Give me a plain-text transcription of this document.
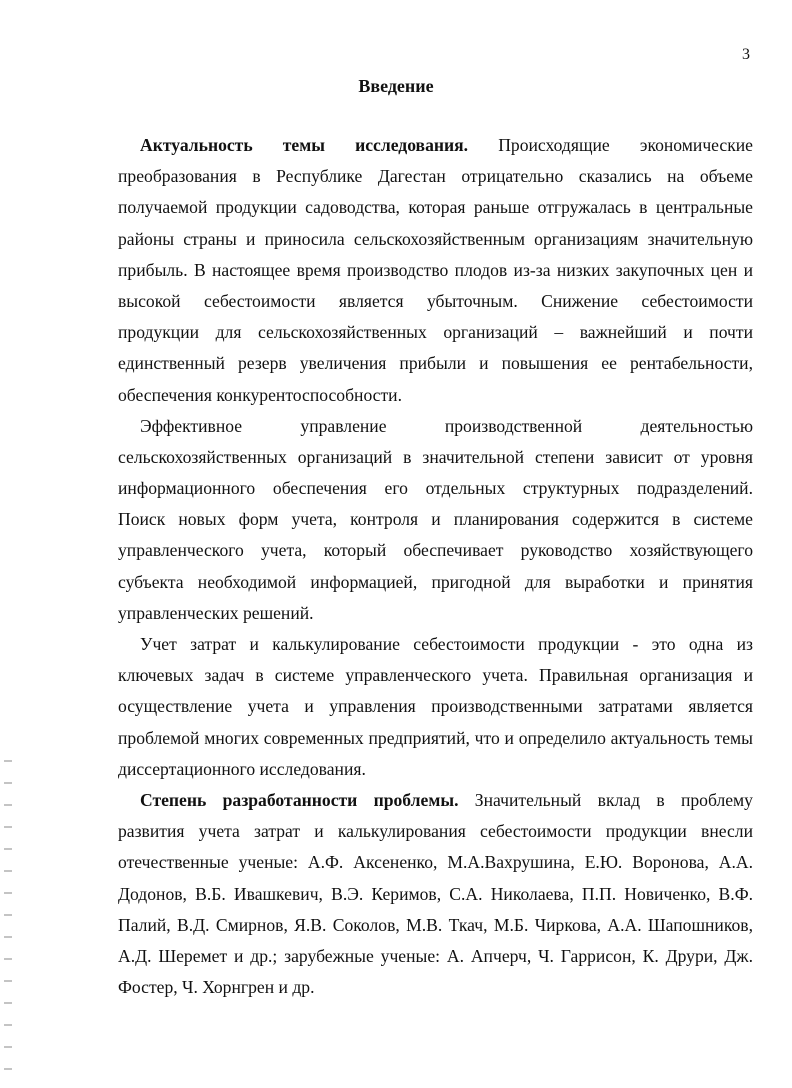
3
Введение
Актуальность темы исследования. Происходящие экономические
преобразования в Республике Дагестан отрицательно сказались на объеме
получаемой продукции садоводства, которая раньше отгружалась в центральные
районы страны и приносила сельскохозяйственным организациям значительную
прибыль. В настоящее время производство плодов из-за низких закупочных цен и
высокой себестоимости является убыточным. Снижение себестоимости
продукции для сельскохозяйственных организаций – важнейший и почти
единственный резерв увеличения прибыли и повышения ее рентабельности,
обеспечения конкурентоспособности.
Эффективное управление производственной деятельностью
сельскохозяйственных организаций в значительной степени зависит от уровня
информационного обеспечения его отдельных структурных подразделений.
Поиск новых форм учета, контроля и планирования содержится в системе
управленческого учета, который обеспечивает руководство хозяйствующего
субъекта необходимой информацией, пригодной для выработки и принятия
управленческих решений.
Учет затрат и калькулирование себестоимости продукции - это одна из
ключевых задач в системе управленческого учета. Правильная организация и
осуществление учета и управления производственными затратами является
проблемой многих современных предприятий, что и определило актуальность темы
диссертационного исследования.
Степень разработанности проблемы. Значительный вклад в проблему
развития учета затрат и калькулирования себестоимости продукции внесли
отечественные ученые: А.Ф. Аксененко, М.А.Вахрушина, Е.Ю. Воронова, А.А.
Додонов, В.Б. Ивашкевич, В.Э. Керимов, С.А. Николаева, П.П. Новиченко, В.Ф.
Палий, В.Д. Смирнов, Я.В. Соколов, М.В. Ткач, М.Б. Чиркова, А.А. Шапошников,
А.Д. Шеремет и др.; зарубежные ученые: А. Апчерч, Ч. Гаррисон, К. Друри, Дж.
Фостер, Ч. Хорнгрен и др.
